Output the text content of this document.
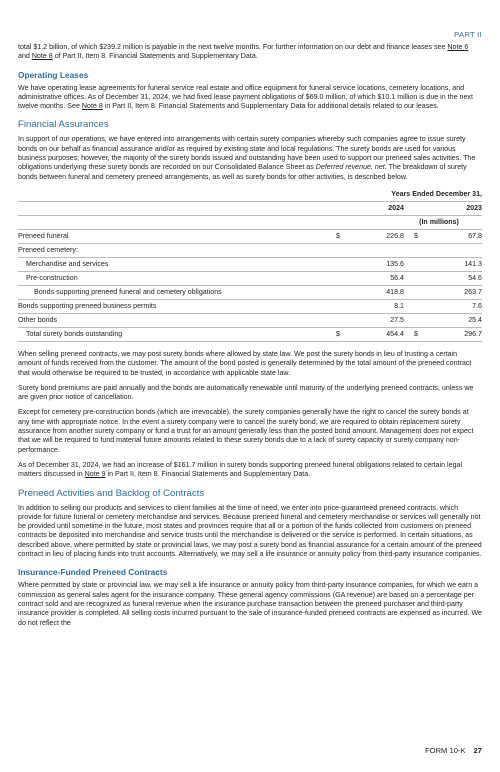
PART II

total $1.2 billion, of which $239.2 million is payable in the next twelve months. For further information on our debt and finance leases see Note 6 and Note 8 of Part II, Item 8. Financial Statements and Supplementary Data.

Operating Leases

We have operating lease agreements for funeral service real estate and office equipment for funeral service locations, cemetery locations, and administrative offices. As of December 31, 2024, we had fixed lease payment obligations of $69.0 million, of which $10.1 million is due in the next twelve months. See Note 8 in Part II, Item 8. Financial Statements and Supplementary Data for additional details related to our leases.

Financial Assurances

In support of our operations, we have entered into arrangements with certain surety companies whereby such companies agree to issue surety bonds on our behalf as financial assurance and/or as required by existing state and local regulations. The surety bonds are used for various business purposes; however, the majority of the surety bonds issued and outstanding have been used to support our preneed sales activities. The obligations underlying these surety bonds are recorded on our Consolidated Balance Sheet as Deferred revenue, net. The breakdown of surety bonds between funeral and cemetery preneed arrangements, as well as surety bonds for other activities, is described below.

	Years Ended December 31,			
	2024		2023	
	(In millions)			
Preneed funeral	$	226.8	$	67.8
Preneed cemetery:				
Merchandise and services		135.6		141.3
Pre-construction		56.4		54.6
Bonds supporting preneed funeral and cemetery obligations		418.8		263.7
Bonds supporting preneed business permits		8.1		7.6
Other bonds		27.5		25.4
Total surety bonds outstanding	$	454.4	$	296.7

When selling preneed contracts, we may post surety bonds where allowed by state law. We post the surety bonds in lieu of trusting a certain amount of funds received from the customer. The amount of the bond posted is generally determined by the total amount of the preneed contract that would otherwise be required to be trusted, in accordance with applicable state law.

Surety bond premiums are paid annually and the bonds are automatically renewable until maturity of the underlying preneed contracts, unless we are given prior notice of cancellation.

Except for cemetery pre-construction bonds (which are irrevocable), the surety companies generally have the right to cancel the surety bonds at any time with appropriate notice. In the event a surety company were to cancel the surety bond, we are required to obtain replacement surety assurance from another surety company or fund a trust for an amount generally less than the posted bond amount. Management does not expect that we will be required to fund material future amounts related to these surety bonds due to a lack of surety capacity or surety company non-performance.

As of December 31, 2024, we had an increase of $161.7 million in surety bonds supporting preneed funeral obligations related to certain legal matters discussed in Note 9 in Part II, Item 8. Financial Statements and Supplementary Data.

Preneed Activities and Backlog of Contracts

In addition to selling our products and services to client families at the time of need, we enter into price-guaranteed preneed contracts, which provide for future funeral or cemetery merchandise and services. Because preneed funeral and cemetery merchandise or services will generally not be provided until sometime in the future, most states and provinces require that all or a portion of the funds collected from customers on preneed contracts be deposited into merchandise and service trusts until the merchandise is delivered or the service is performed. In certain situations, as described above, where permitted by state or provincial laws, we may post a surety bond as financial assurance for a certain amount of the preneed contract in lieu of placing funds into trust accounts. Alternatively, we may sell a life insurance or annuity policy from third-party insurance companies.

Insurance-Funded Preneed Contracts

Where permitted by state or provincial law, we may sell a life insurance or annuity policy from third-party insurance companies, for which we earn a commission as general sales agent for the insurance company. These general agency commissions (GA revenue) are based on a percentage per contract sold and are recognized as funeral revenue when the insurance purchase transaction between the preneed purchaser and third-party insurance provider is completed. All selling costs incurred pursuant to the sale of insurance-funded preneed contracts are expensed as incurred. We do not reflect the

FORM 10-K 27
